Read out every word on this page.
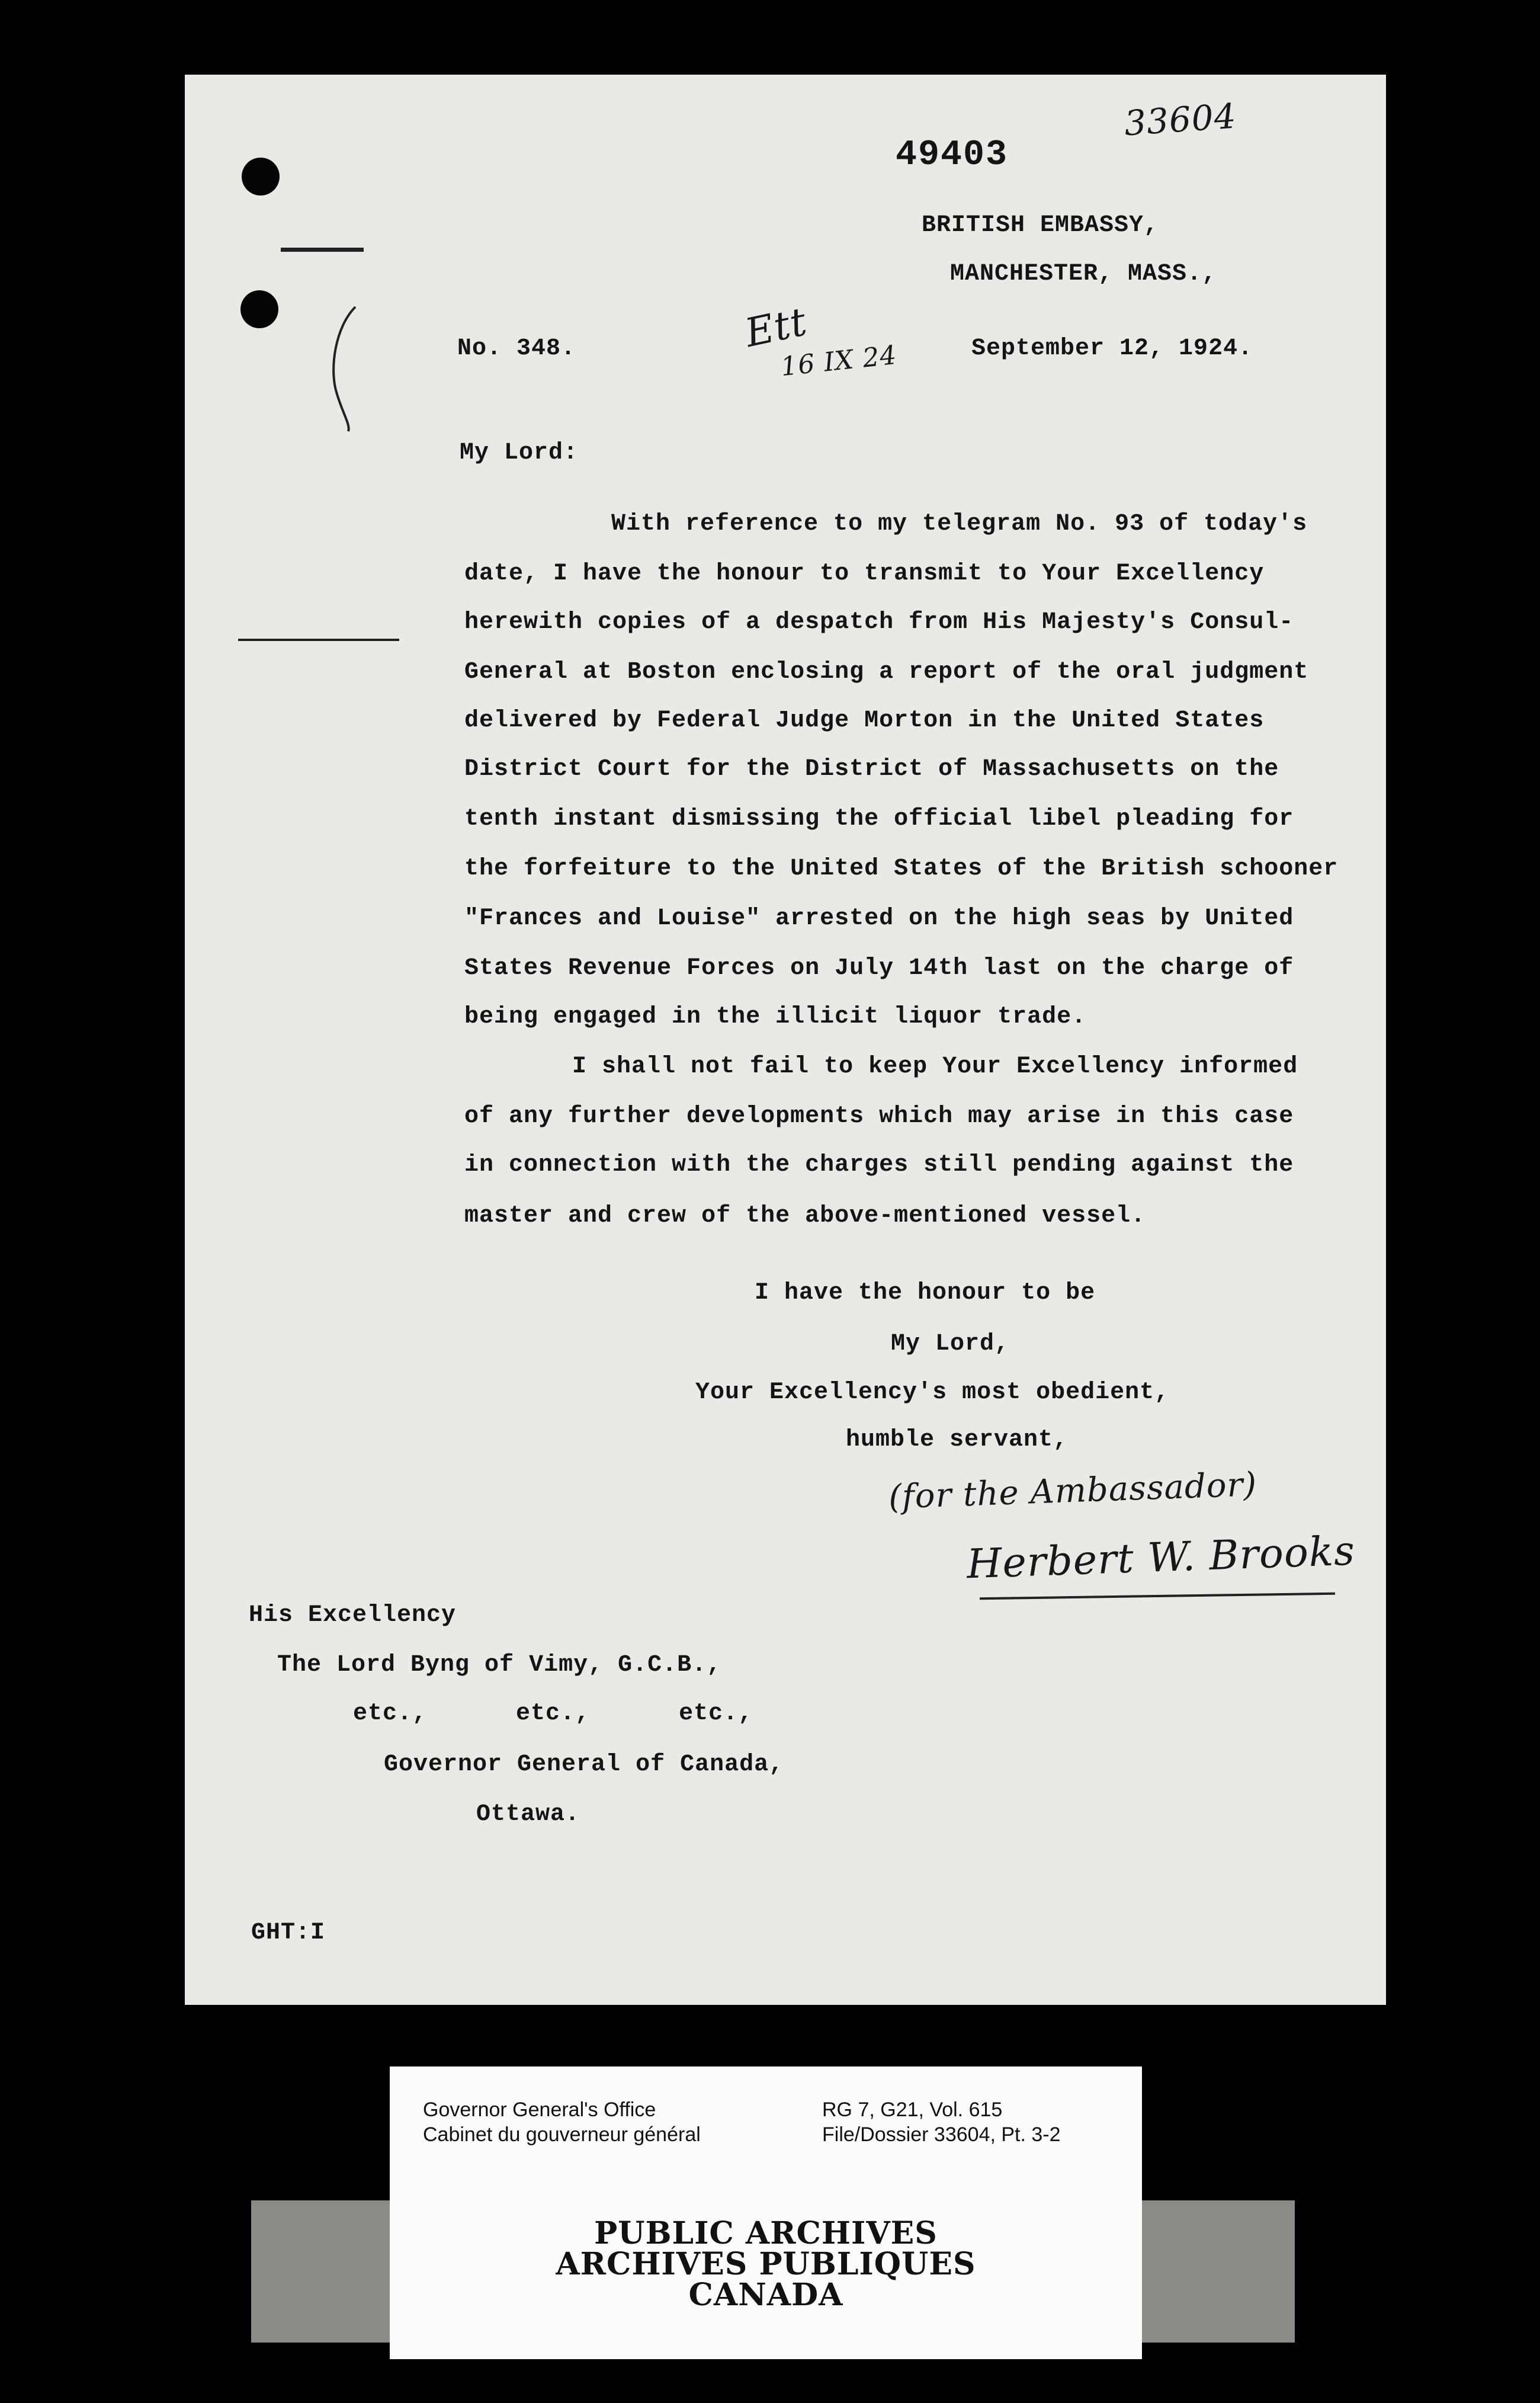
49403
33604
BRITISH EMBASSY,
MANCHESTER, MASS.,
No. 348.	Ett
16 IX 24	September 12, 1924.
My Lord:
With reference to my telegram No. 93 of today's
date, I have the honour to transmit to Your Excellency
herewith copies of a despatch from His Majesty's Consul-
General at Boston enclosing a report of the oral judgment
delivered by Federal Judge Morton in the United States
District Court for the District of Massachusetts on the
tenth instant dismissing the official libel pleading for
the forfeiture to the United States of the British schooner
"Frances and Louise" arrested on the high seas by United
States Revenue Forces on July 14th last on the charge of
being engaged in the illicit liquor trade.
I shall not fail to keep Your Excellency informed
of any further developments which may arise in this case
in connection with the charges still pending against the
master and crew of the above-mentioned vessel.
I have the honour to be
My Lord,
Your Excellency's most obedient,
humble servant,
(for the Ambassador)
Herbert W. Brooks
His Excellency
The Lord Byng of Vimy, G.C.B.,
etc.,      etc.,      etc.,
Governor General of Canada,
Ottawa.
GHT:I
Governor General's Office
Cabinet du gouverneur général
RG 7, G21, Vol. 615
File/Dossier 33604, Pt. 3-2
PUBLIC ARCHIVES
ARCHIVES PUBLIQUES
CANADA
